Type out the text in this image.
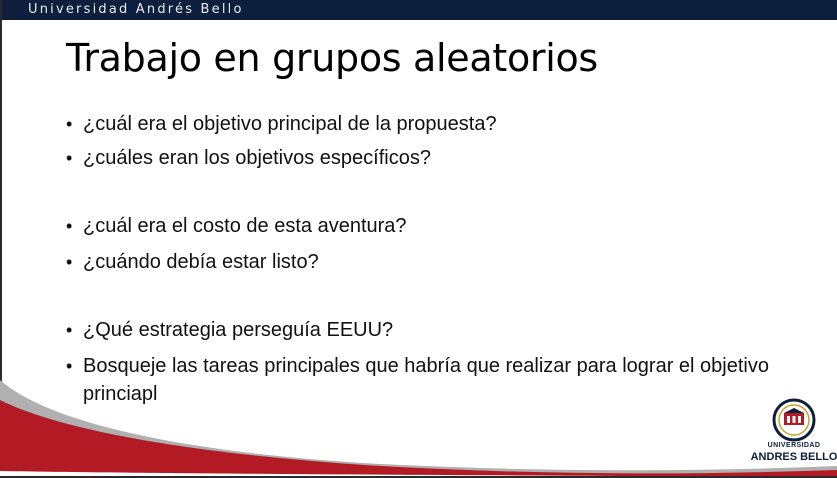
Universidad Andrés Bello
Trabajo en grupos aleatorios
• ¿cuál era el objetivo principal de la propuesta?
• ¿cuáles eran los objetivos específicos?
• ¿cuál era el costo de esta aventura?
• ¿cuándo debía estar listo?
• ¿Qué estrategia perseguía EEUU?
• Bosqueje las tareas principales que habría que realizar para lograr el objetivo princiapl
UNIVERSIDAD
ANDRES BELLO
